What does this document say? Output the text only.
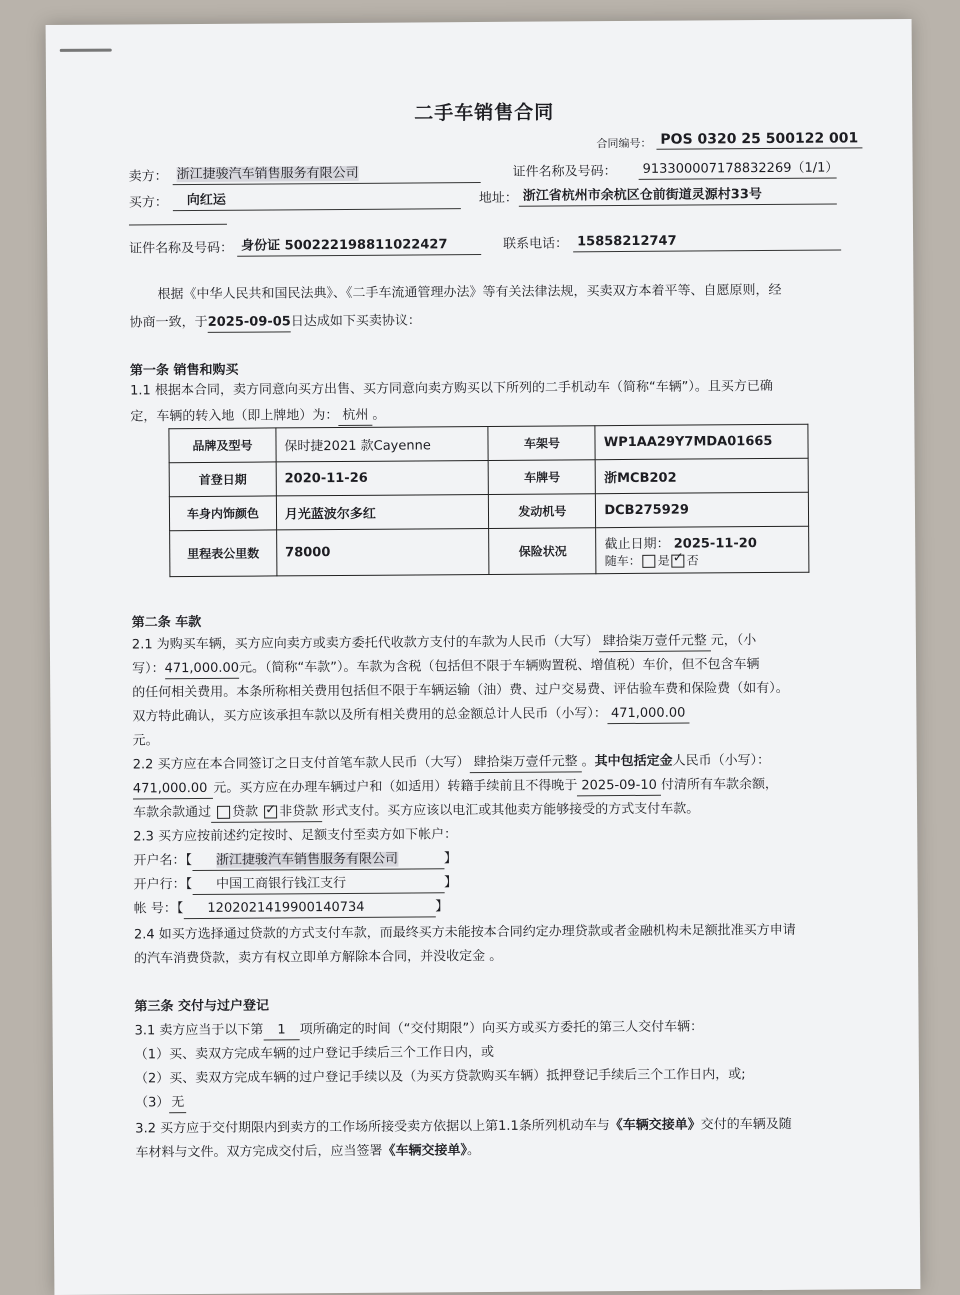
二手车销售合同
合同编号： POS 0320 25 500122 001
卖方： 浙江捷骏汽车销售服务有限公司	证件名称及号码：	913300007178832269（1/1）
买方：	向红运	地址： 浙江省杭州市余杭区仓前街道灵源村33号
证件名称及号码： 身份证 500222198811022427	联系电话： 15858212747
根据《中华人民共和国民法典》、《二手车流通管理办法》等有关法律法规，买卖双方本着平等、自愿原则，经
协商一致，于2025-09-05日达成如下买卖协议：
第一条 销售和购买
1.1 根据本合同，卖方同意向买方出售、买方同意向卖方购买以下所列的二手机动车（简称“车辆”）。且买方已确
定，车辆的转入地（即上牌地）为： 杭州 。
品牌及型号	保时捷2021 款Cayenne	车架号	WP1AA29Y7MDA01665
首登日期	2020-11-26	车牌号	浙MCB202
车身内饰颜色	月光蓝波尔多红	发动机号	DCB275929
里程表公里数	78000	保险状况	截止日期： 2025-11-20
随车： 是 ✓ 否
第二条 车款
2.1 为购买车辆，买方应向卖方或卖方委托代收款方支付的车款为人民币（大写） 肆拾柒万壹仟元整 元，（小
写）：471,000.00元。（简称“车款”）。车款为含税（包括但不限于车辆购置税、增值税）车价，但不包含车辆
的任何相关费用。本条所称相关费用包括但不限于车辆运输（油）费、过户交易费、评估验车费和保险费（如有）。
双方特此确认，买方应该承担车款以及所有相关费用的总金额总计人民币（小写）： 471,000.00
元。
2.2 买方应在本合同签订之日支付首笔车款人民币（大写） 肆拾柒万壹仟元整 。其中包括定金人民币（小写）：
471,000.00 元。买方应在办理车辆过户和（如适用）转籍手续前且不得晚于 2025-09-10 付清所有车款余额，
车款余款通过 贷款 ✓ 非贷款 形式支付。买方应该以电汇或其他卖方能够接受的方式支付车款。
2.3 买方应按前述约定按时、足额支付至卖方如下帐户：
开户名：【 浙江捷骏汽车销售服务有限公司	】
开户行：【 中国工商银行钱江支行	】
帐 号：【 1202021419900140734	】
2.4 如买方选择通过贷款的方式支付车款，而最终买方未能按本合同约定办理贷款或者金融机构未足额批准买方申请
的汽车消费贷款，卖方有权立即单方解除本合同，并没收定金 。
第三条 交付与过户登记
3.1 卖方应当于以下第 1 项所确定的时间（“交付期限”）向买方或买方委托的第三人交付车辆：
（1）买、卖双方完成车辆的过户登记手续后三个工作日内，或
（2）买、卖双方完成车辆的过户登记手续以及（为买方贷款购买车辆）抵押登记手续后三个工作日内，或;
（3） 无
3.2 买方应于交付期限内到卖方的工作场所接受卖方依据以上第1.1条所列机动车与《车辆交接单》交付的车辆及随
车材料与文件。双方完成交付后，应当签署《车辆交接单》。
